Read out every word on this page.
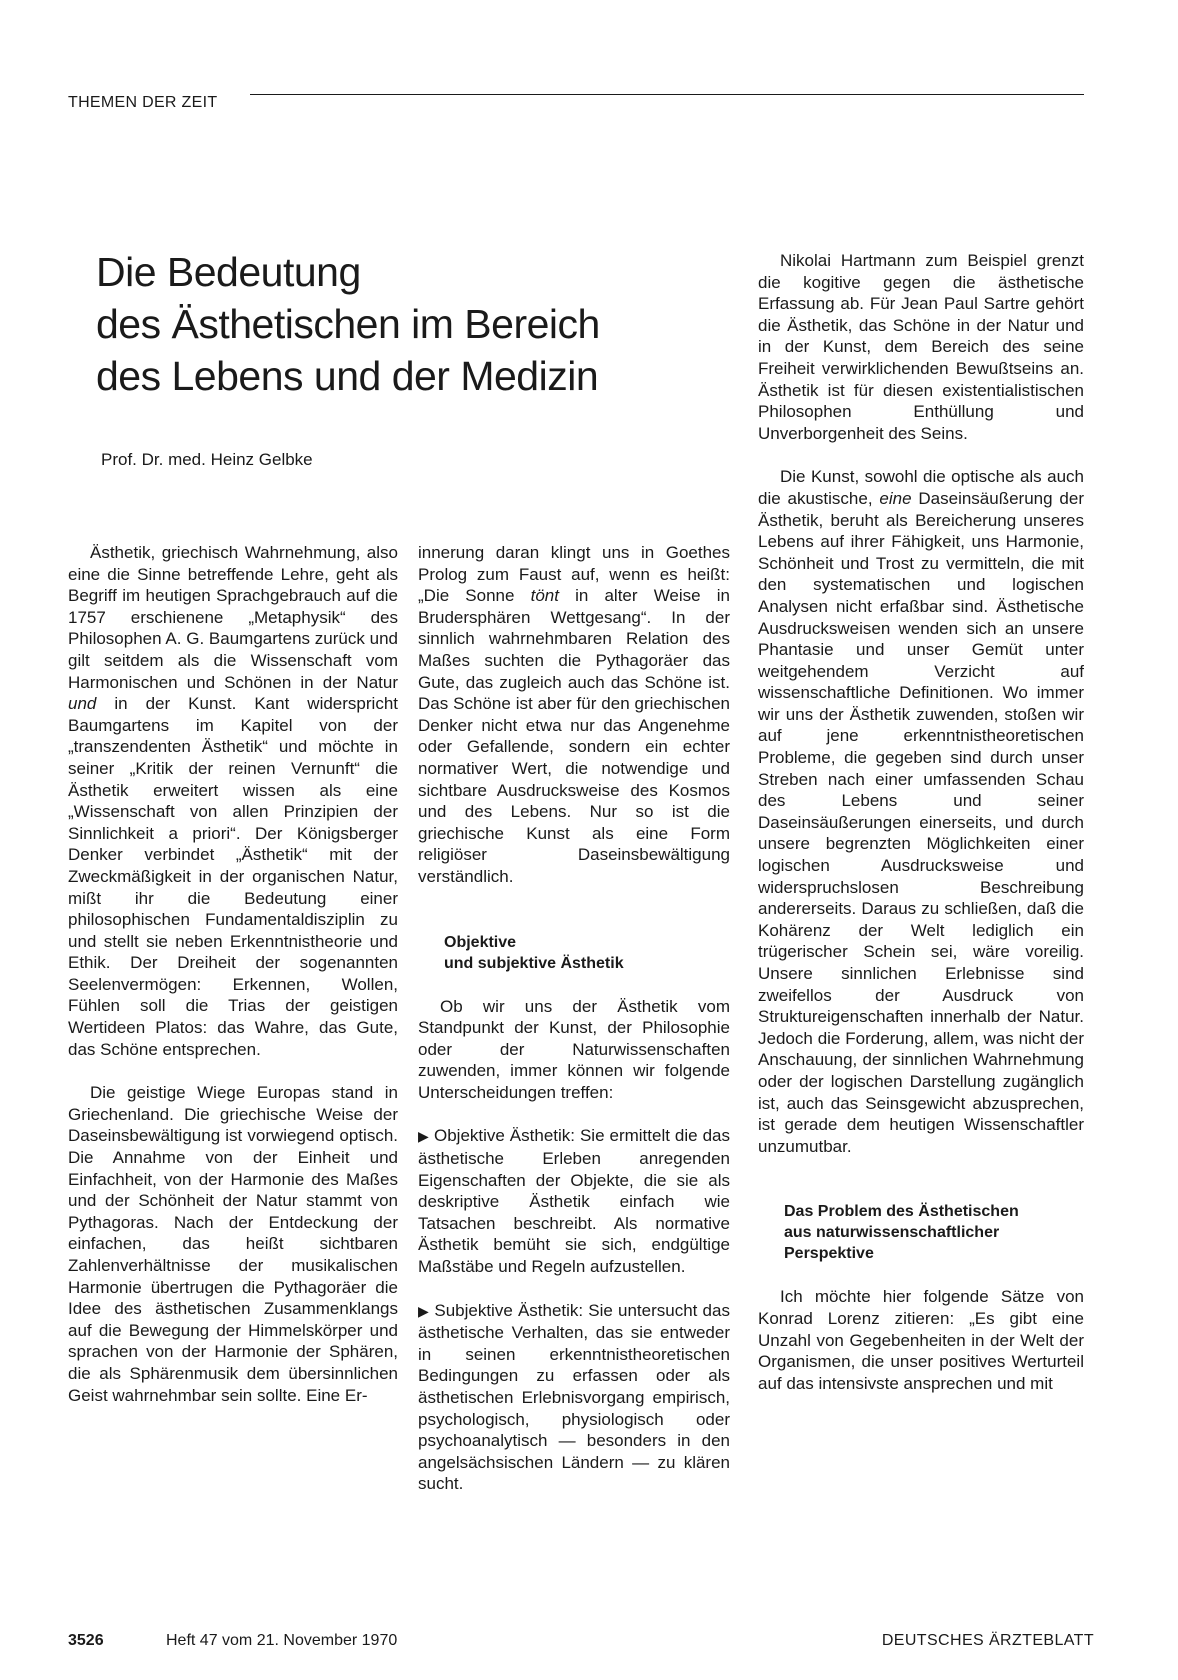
THEMEN DER ZEIT
Die Bedeutung
des Ästhetischen im Bereich
des Lebens und der Medizin
Prof. Dr. med. Heinz Gelbke

Ästhetik, griechisch Wahrnehmung, also eine die Sinne betreffende Lehre, geht als Begriff im heutigen Sprachgebrauch auf die 1757 erschienene „Metaphysik“ des Philosophen A. G. Baumgartens zurück und gilt seitdem als die Wissenschaft vom Harmonischen und Schönen in der Natur und in der Kunst. Kant widerspricht Baumgartens im Kapitel von der „transzendenten Ästhetik“ und möchte in seiner „Kritik der reinen Vernunft“ die Ästhetik erweitert wissen als eine „Wissenschaft von allen Prinzipien der Sinnlichkeit a priori“. Der Königsberger Denker verbindet „Ästhetik“ mit der Zweckmäßigkeit in der organischen Natur, mißt ihr die Bedeutung einer philosophischen Fundamentaldisziplin zu und stellt sie neben Erkenntnistheorie und Ethik. Der Dreiheit der sogenannten Seelenvermögen: Erkennen, Wollen, Fühlen soll die Trias der geistigen Wertideen Platos: das Wahre, das Gute, das Schöne entsprechen.

Die geistige Wiege Europas stand in Griechenland. Die griechische Weise der Daseinsbewältigung ist vorwiegend optisch. Die Annahme von der Einheit und Einfachheit, von der Harmonie des Maßes und der Schönheit der Natur stammt von Pythagoras. Nach der Entdeckung der einfachen, das heißt sichtbaren Zahlenverhältnisse der musikalischen Harmonie übertrugen die Pythagoräer die Idee des ästhetischen Zusammenklangs auf die Bewegung der Himmelskörper und sprachen von der Harmonie der Sphären, die als Sphärenmusik dem übersinnlichen Geist wahrnehmbar sein sollte. Eine Er-

innerung daran klingt uns in Goethes Prolog zum Faust auf, wenn es heißt: „Die Sonne tönt in alter Weise in Brudersphären Wettgesang“. In der sinnlich wahrnehmbaren Relation des Maßes suchten die Pythagoräer das Gute, das zugleich auch das Schöne ist. Das Schöne ist aber für den griechischen Denker nicht etwa nur das Angenehme oder Gefallende, sondern ein echter normativer Wert, die notwendige und sichtbare Ausdrucksweise des Kosmos und des Lebens. Nur so ist die griechische Kunst als eine Form religiöser Daseinsbewältigung verständlich.

Objektive
und subjektive Ästhetik

Ob wir uns der Ästhetik vom Standpunkt der Kunst, der Philosophie oder der Naturwissenschaften zuwenden, immer können wir folgende Unterscheidungen treffen:

▶ Objektive Ästhetik: Sie ermittelt die das ästhetische Erleben anregenden Eigenschaften der Objekte, die sie als deskriptive Ästhetik einfach wie Tatsachen beschreibt. Als normative Ästhetik bemüht sie sich, endgültige Maßstäbe und Regeln aufzustellen.

▶ Subjektive Ästhetik: Sie untersucht das ästhetische Verhalten, das sie entweder in seinen erkenntnistheoretischen Bedingungen zu erfassen oder als ästhetischen Erlebnisvorgang empirisch, psychologisch, physiologisch oder psychoanalytisch — besonders in den angelsächsischen Ländern — zu klären sucht.

Nikolai Hartmann zum Beispiel grenzt die kogitive gegen die ästhetische Erfassung ab. Für Jean Paul Sartre gehört die Ästhetik, das Schöne in der Natur und in der Kunst, dem Bereich des seine Freiheit verwirklichenden Bewußtseins an. Ästhetik ist für diesen existentialistischen Philosophen Enthüllung und Unverborgenheit des Seins.

Die Kunst, sowohl die optische als auch die akustische, eine Daseinsäußerung der Ästhetik, beruht als Bereicherung unseres Lebens auf ihrer Fähigkeit, uns Harmonie, Schönheit und Trost zu vermitteln, die mit den systematischen und logischen Analysen nicht erfaßbar sind. Ästhetische Ausdrucksweisen wenden sich an unsere Phantasie und unser Gemüt unter weitgehendem Verzicht auf wissenschaftliche Definitionen. Wo immer wir uns der Ästhetik zuwenden, stoßen wir auf jene erkenntnistheoretischen Probleme, die gegeben sind durch unser Streben nach einer umfassenden Schau des Lebens und seiner Daseinsäußerungen einerseits, und durch unsere begrenzten Möglichkeiten einer logischen Ausdrucksweise und widerspruchslosen Beschreibung andererseits. Daraus zu schließen, daß die Kohärenz der Welt lediglich ein trügerischer Schein sei, wäre voreilig. Unsere sinnlichen Erlebnisse sind zweifellos der Ausdruck von Struktureigenschaften innerhalb der Natur. Jedoch die Forderung, allem, was nicht der Anschauung, der sinnlichen Wahrnehmung oder der logischen Darstellung zugänglich ist, auch das Seinsgewicht abzusprechen, ist gerade dem heutigen Wissenschaftler unzumutbar.

Das Problem des Ästhetischen
aus naturwissenschaftlicher
Perspektive

Ich möchte hier folgende Sätze von Konrad Lorenz zitieren: „Es gibt eine Unzahl von Gegebenheiten in der Welt der Organismen, die unser positives Werturteil auf das intensivste ansprechen und mit

3526	Heft 47 vom 21. November 1970	DEUTSCHES ÄRZTEBLATT
